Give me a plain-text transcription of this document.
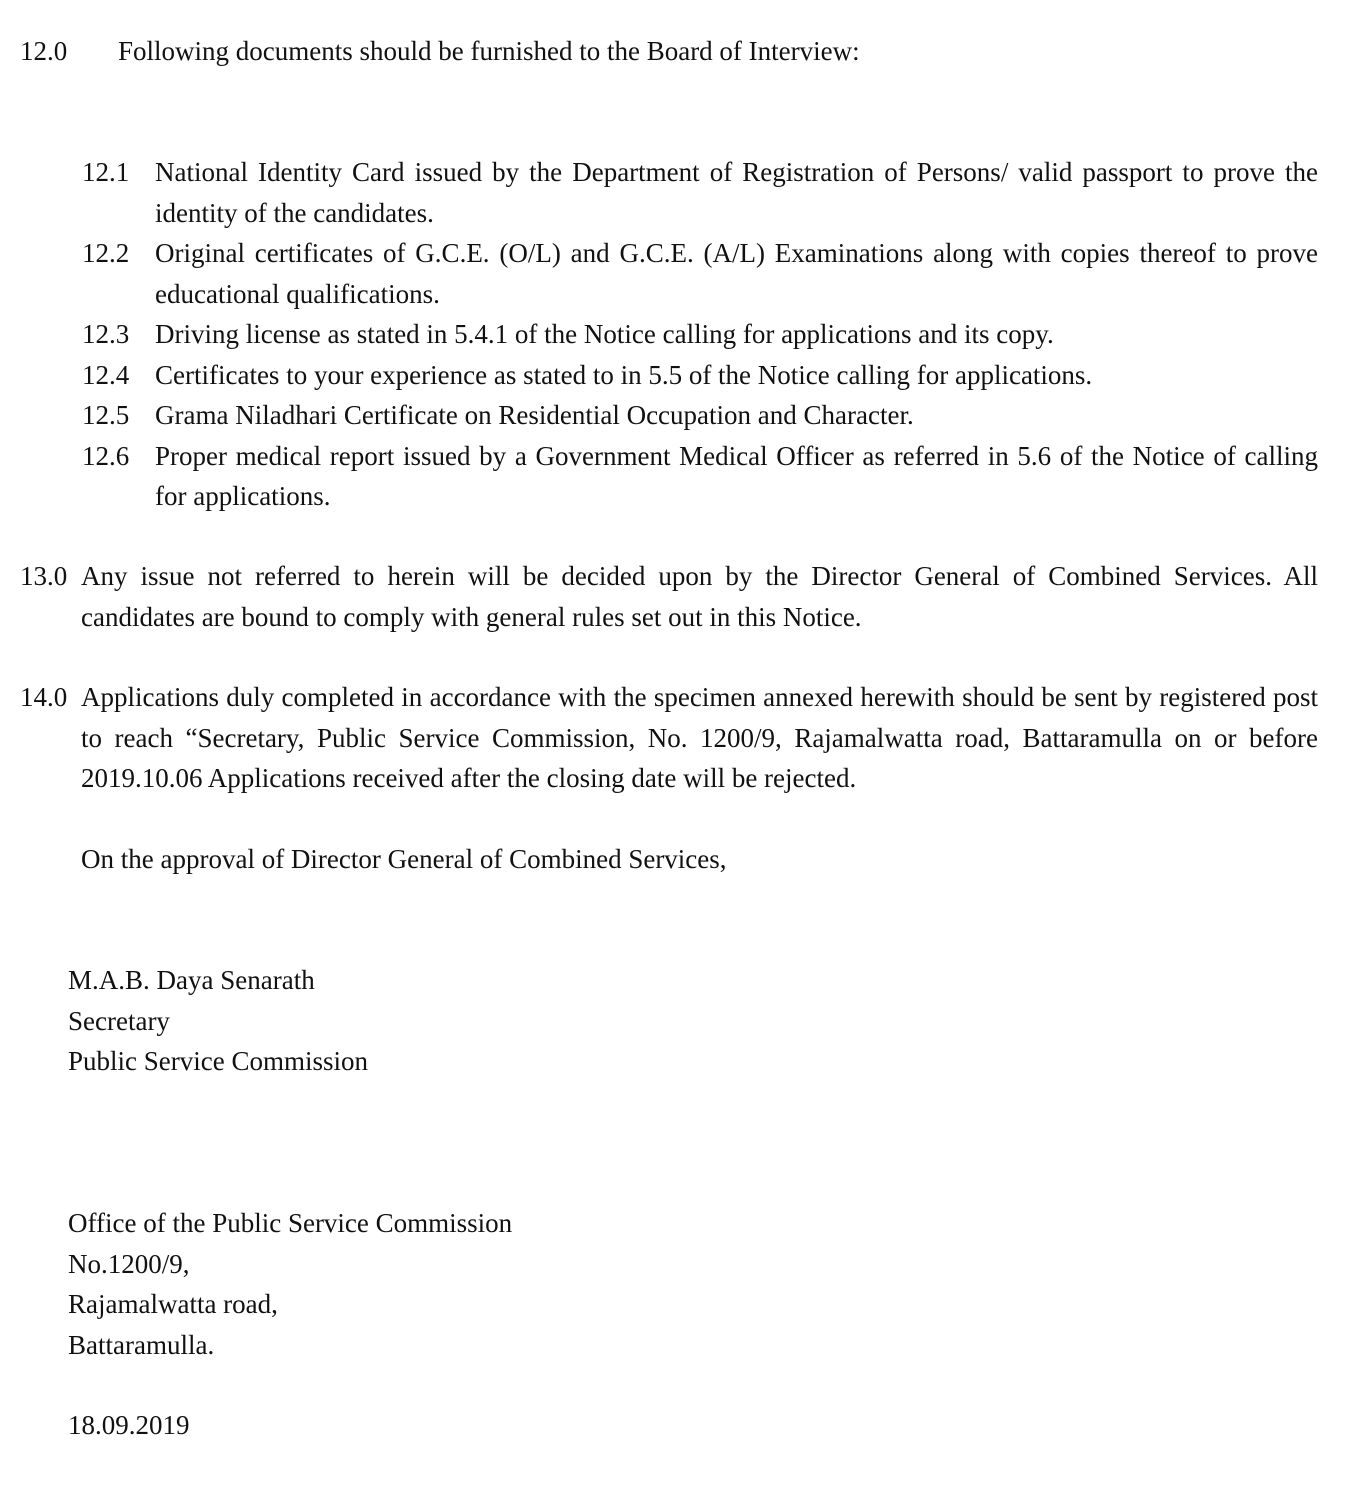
12.0 Following documents should be furnished to the Board of Interview:
12.1 National Identity Card issued by the Department of Registration of Persons/ valid passport to prove the identity of the candidates.
12.2 Original certificates of G.C.E. (O/L) and G.C.E. (A/L) Examinations along with copies thereof to prove educational qualifications.
12.3 Driving license as stated in 5.4.1 of the Notice calling for applications and its copy.
12.4 Certificates to your experience as stated to in 5.5 of the Notice calling for applications.
12.5 Grama Niladhari Certificate on Residential Occupation and Character.
12.6 Proper medical report issued by a Government Medical Officer as referred in 5.6 of the Notice of calling for applications.
13.0 Any issue not referred to herein will be decided upon by the Director General of Combined Services. All candidates are bound to comply with general rules set out in this Notice.
14.0 Applications duly completed in accordance with the specimen annexed herewith should be sent by registered post to reach “Secretary, Public Service Commission, No. 1200/9, Rajamalwatta road, Battaramulla on or before 2019.10.06 Applications received after the closing date will be rejected.
On the approval of Director General of Combined Services,
M.A.B. Daya Senarath
Secretary
Public Service Commission
Office of the Public Service Commission
No.1200/9,
Rajamalwatta road,
Battaramulla.
18.09.2019
